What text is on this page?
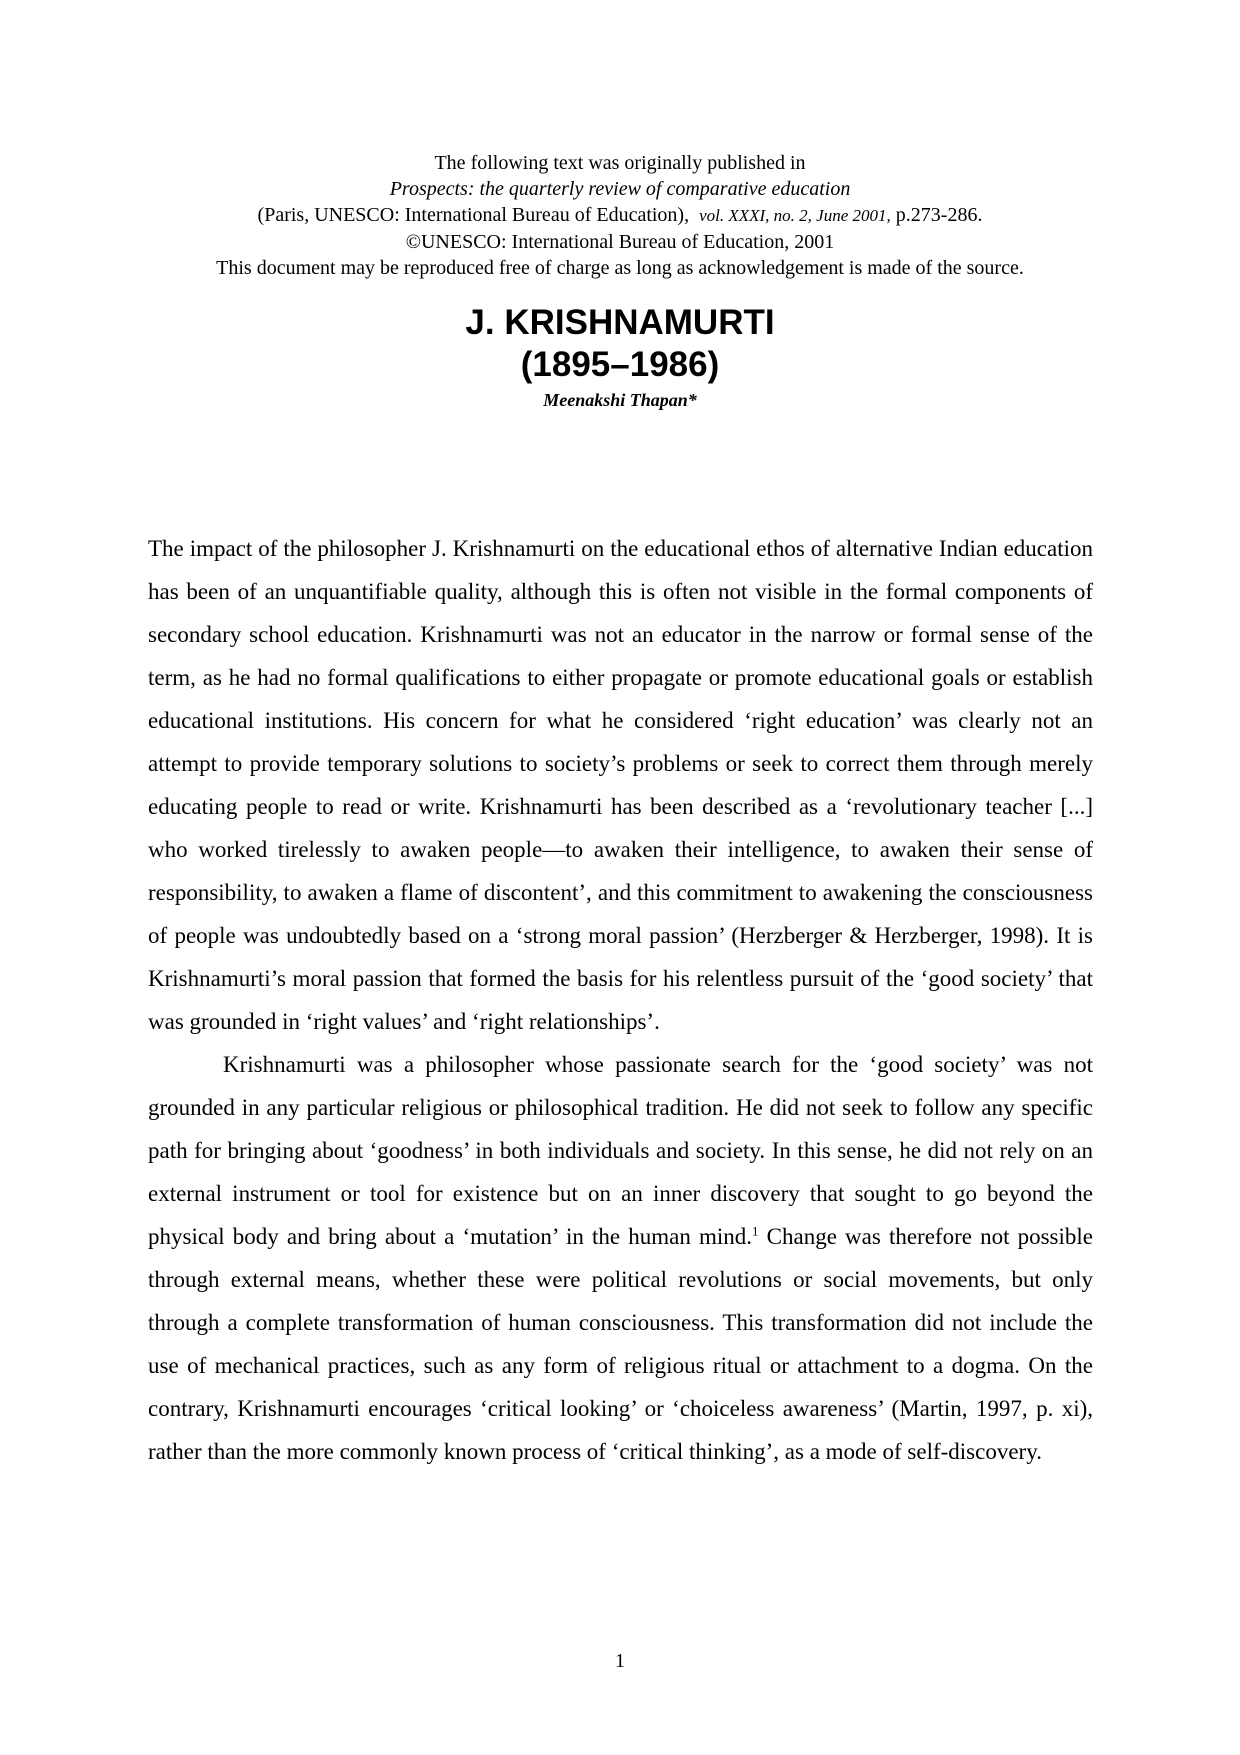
The following text was originally published in
Prospects: the quarterly review of comparative education
(Paris, UNESCO: International Bureau of Education), vol. XXXI, no. 2, June 2001, p.273-286.
©UNESCO: International Bureau of Education, 2001
This document may be reproduced free of charge as long as acknowledgement is made of the source.
J. KRISHNAMURTI
(1895–1986)
Meenakshi Thapan*

The impact of the philosopher J. Krishnamurti on the educational ethos of alternative Indian education has been of an unquantifiable quality, although this is often not visible in the formal components of secondary school education. Krishnamurti was not an educator in the narrow or formal sense of the term, as he had no formal qualifications to either propagate or promote educational goals or establish educational institutions. His concern for what he considered ‘right education’ was clearly not an attempt to provide temporary solutions to society’s problems or seek to correct them through merely educating people to read or write. Krishnamurti has been described as a ‘revolutionary teacher [...] who worked tirelessly to awaken people—to awaken their intelligence, to awaken their sense of responsibility, to awaken a flame of discontent’, and this commitment to awakening the consciousness of people was undoubtedly based on a ‘strong moral passion’ (Herzberger & Herzberger, 1998). It is Krishnamurti’s moral passion that formed the basis for his relentless pursuit of the ‘good society’ that was grounded in ‘right values’ and ‘right relationships’.

Krishnamurti was a philosopher whose passionate search for the ‘good society’ was not grounded in any particular religious or philosophical tradition. He did not seek to follow any specific path for bringing about ‘goodness’ in both individuals and society. In this sense, he did not rely on an external instrument or tool for existence but on an inner discovery that sought to go beyond the physical body and bring about a ‘mutation’ in the human mind.$^1$ Change was therefore not possible through external means, whether these were political revolutions or social movements, but only through a complete transformation of human consciousness. This transformation did not include the use of mechanical practices, such as any form of religious ritual or attachment to a dogma. On the contrary, Krishnamurti encourages ‘critical looking’ or ‘choiceless awareness’ (Martin, 1997, p. xi), rather than the more commonly known process of ‘critical thinking’, as a mode of self-discovery.

1
